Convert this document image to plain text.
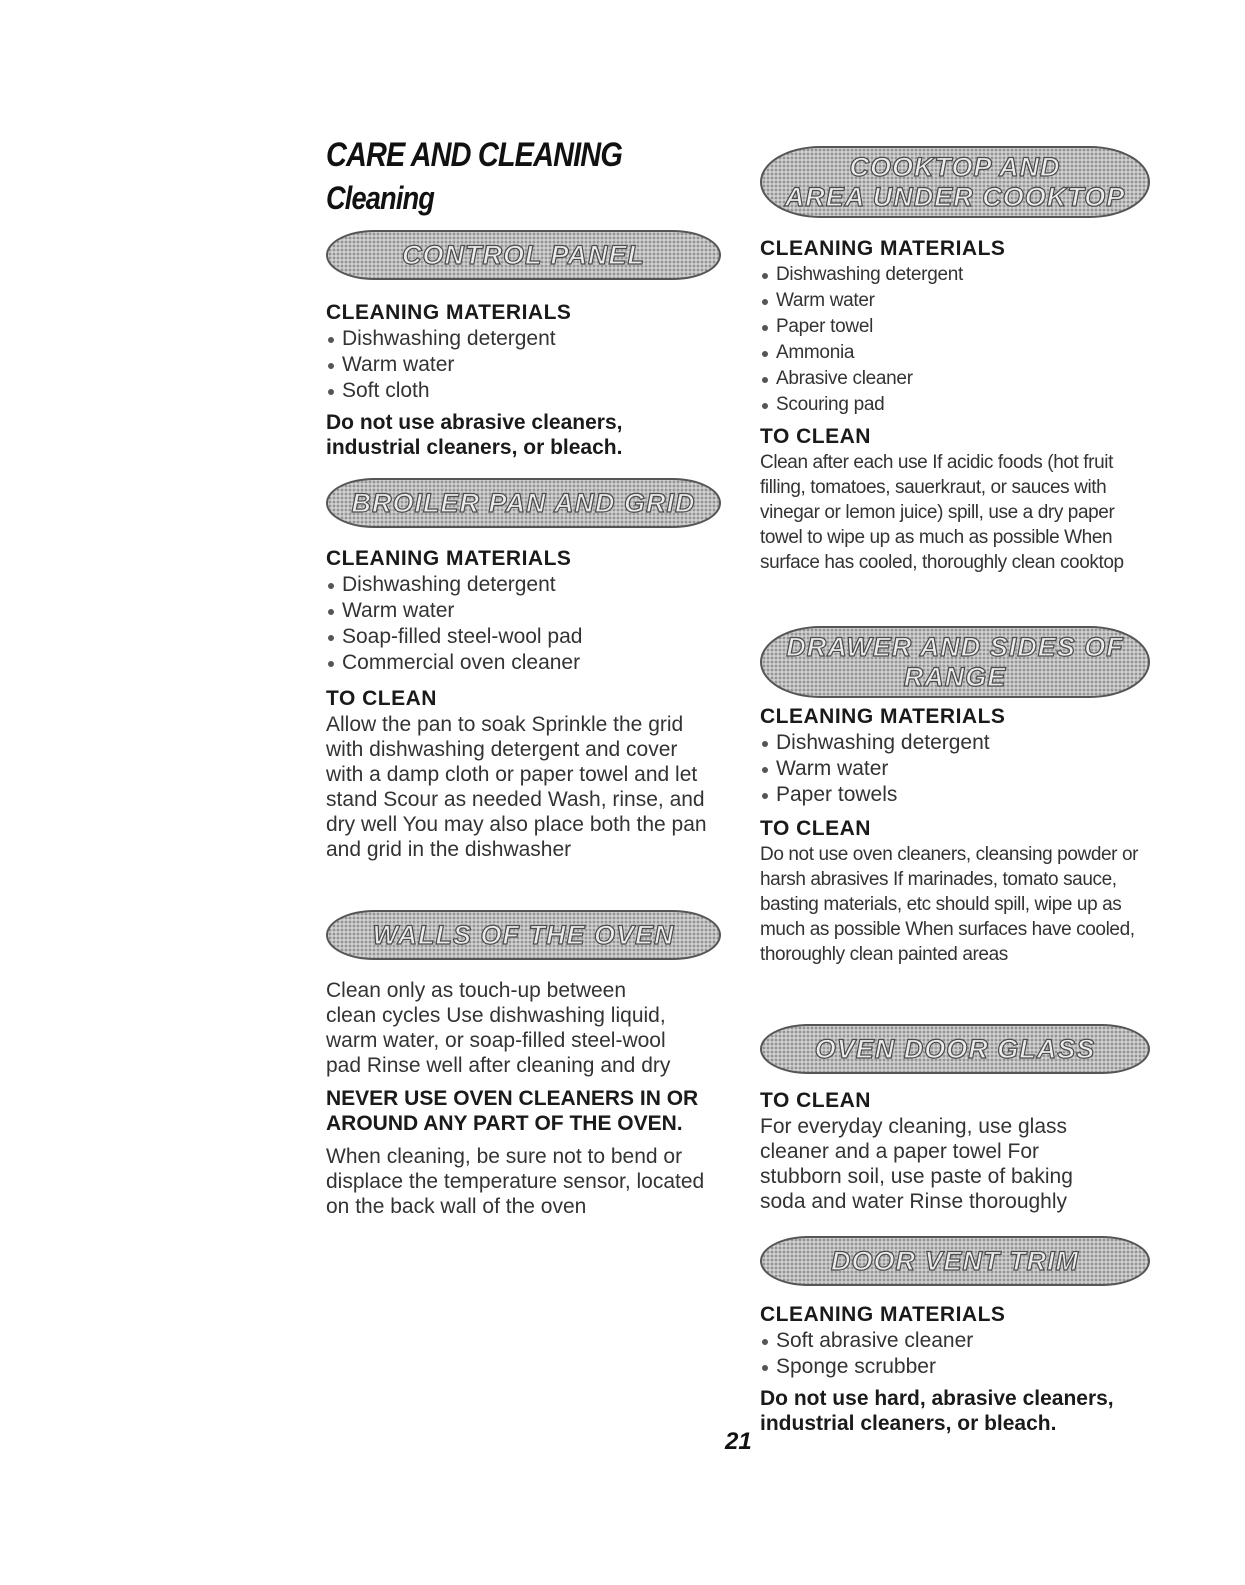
CARE AND CLEANING
Cleaning
CONTROL PANEL

CLEANING MATERIALS

Dishwashing detergent
Warm water
Soft cloth

Do not use abrasive cleaners, industrial cleaners, or bleach.

BROILER PAN AND GRID

CLEANING MATERIALS

Dishwashing detergent
Warm water
Soap-filled steel-wool pad
Commercial oven cleaner

TO CLEAN

Allow the pan to soak Sprinkle the grid with dishwashing detergent and cover with a damp cloth or paper towel and let stand Scour as needed Wash, rinse, and dry well You may also place both the pan and grid in the dishwasher

WALLS OF THE OVEN

Clean only as touch-up between clean cycles Use dishwashing liquid, warm water, or soap-filled steel-wool pad Rinse well after cleaning and dry

NEVER USE OVEN CLEANERS IN OR AROUND ANY PART OF THE OVEN.

When cleaning, be sure not to bend or displace the temperature sensor, located on the back wall of the oven

COOKTOP AND
AREA UNDER COOKTOP

CLEANING MATERIALS

Dishwashing detergent
Warm water
Paper towel
Ammonia
Abrasive cleaner
Scouring pad

TO CLEAN

Clean after each use If acidic foods (hot fruit filling, tomatoes, sauerkraut, or sauces with vinegar or lemon juice) spill, use a dry paper towel to wipe up as much as possible When surface has cooled, thoroughly clean cooktop

DRAWER AND SIDES OF
RANGE

CLEANING MATERIALS

Dishwashing detergent
Warm water
Paper towels

TO CLEAN

Do not use oven cleaners, cleansing powder or harsh abrasives If marinades, tomato sauce, basting materials, etc should spill, wipe up as much as possible When surfaces have cooled, thoroughly clean painted areas

OVEN DOOR GLASS

TO CLEAN

For everyday cleaning, use glass cleaner and a paper towel For stubborn soil, use paste of baking soda and water Rinse thoroughly

DOOR VENT TRIM

CLEANING MATERIALS

Soft abrasive cleaner
Sponge scrubber

Do not use hard, abrasive cleaners, industrial cleaners, or bleach.

21
